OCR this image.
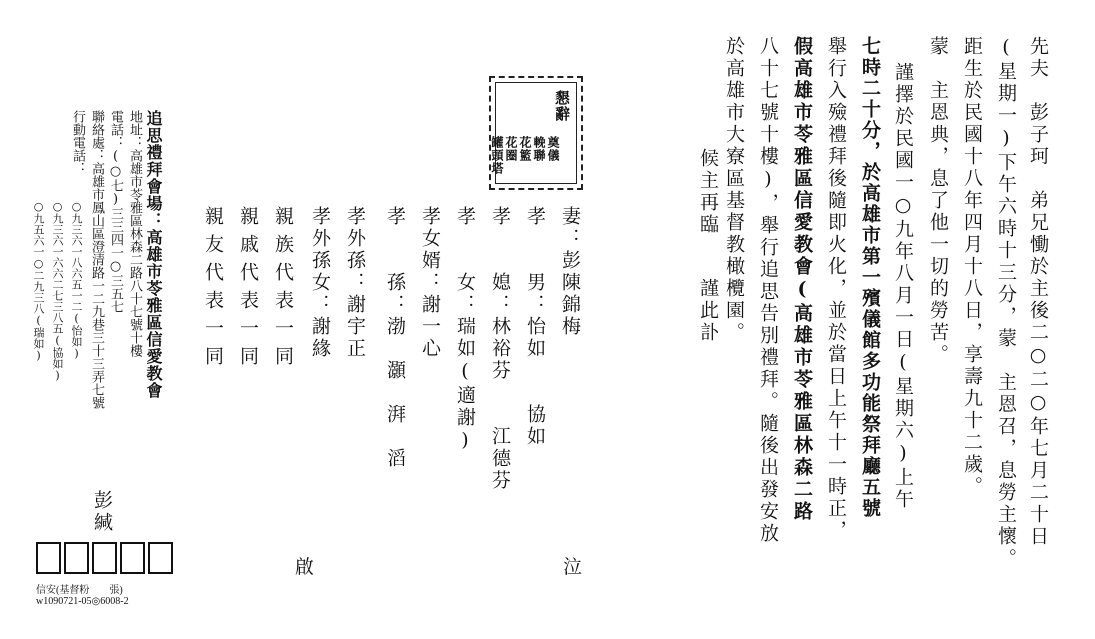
先夫　彭子珂　弟兄慟於主後二○二○年七月二十日
(星期一)下午六時十三分，蒙　主恩召，息勞主懷。
距生於民國十八年四月十八日，享壽九十二歲。
蒙　主恩典，息了他一切的勞苦。
謹擇於民國一○九年八月一日(星期六)上午
七時二十分，於高雄市第一殯儀館多功能祭拜廳五號
舉行入殮禮拜後隨即火化，並於當日上午十一時正，
假高雄市苓雅區信愛教會(高雄市苓雅區林森二路
八十七號十樓)，舉行追思告別禮拜。隨後出發安放
於高雄市大寮區基督教橄欖園。
候主再臨
謹此訃
泣
妻：彭陳錦梅
孝　　男：怡如　　協如
孝　　媳：林裕芬　　江德芬
孝　　女：瑞如(適謝)
孝女婿：謝一心
孝　　孫：渤　灝　湃　滔
孝外孫：謝宇正
孝外孫女：謝緣
親族代表一同
親戚代表一同
親友代表一同
懇辭
奠儀
輓聯
花籃
花圈
罐頭塔
啟
追思禮拜會場：高雄市苓雅區信愛教會
地址：高雄市苓雅區林森二路八十七號十樓
電話：(○七)三三四一○三五七
聯絡處：高雄市鳳山區澄清路一二九巷三十三弄七號
行動電話：
○九三六一八六五一二(怡如)
○九三六一六六二七三八五(協如)
○九五六一○二九三八(瑞如)
彭緘
信安(基督粉　　張)
w1090721-05◎6008-2
